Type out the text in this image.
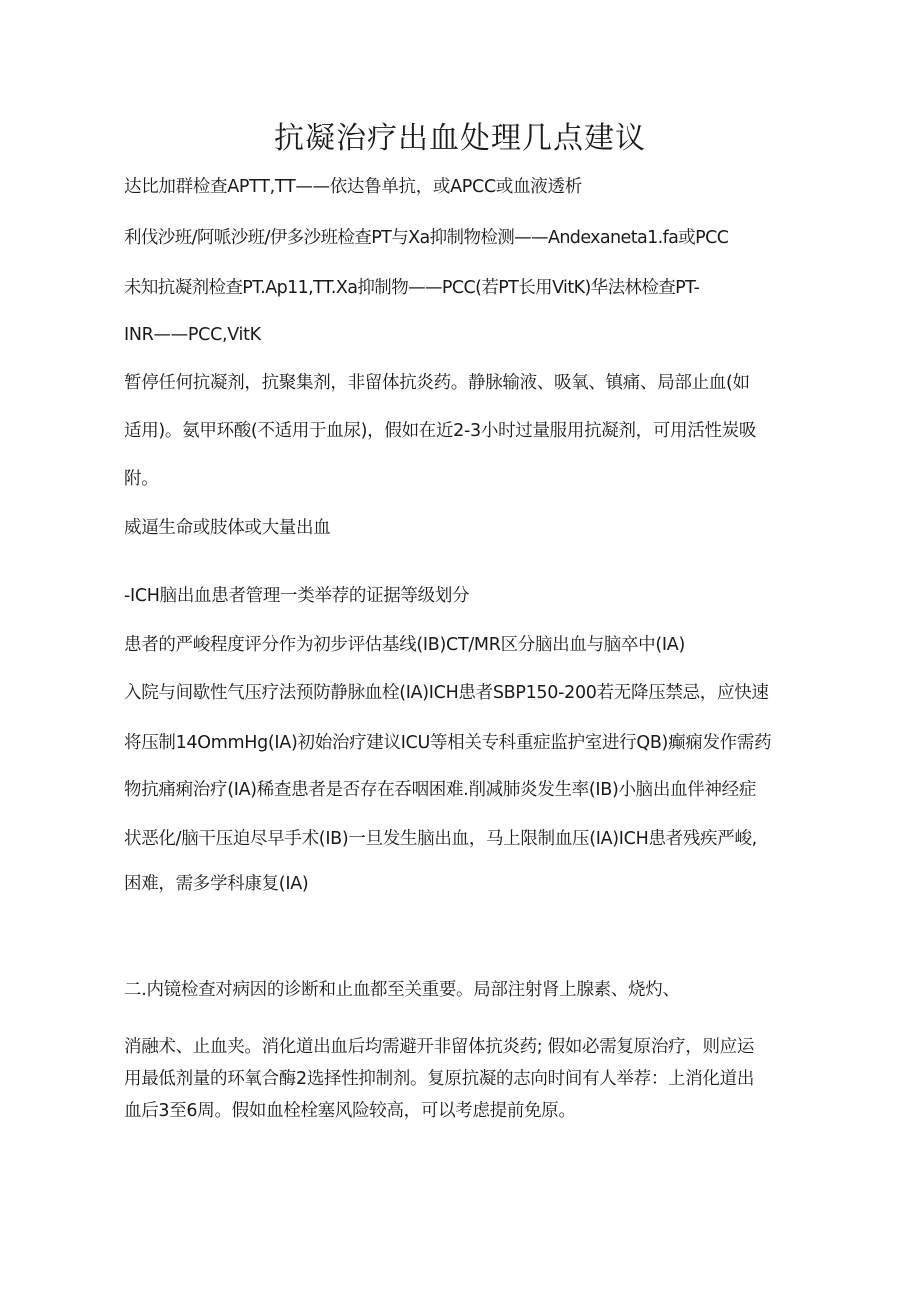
抗凝治疗出血处理几点建议
达比加群检查APTT,TT——依达鲁单抗，或APCC或血液透析
利伐沙班/阿哌沙班/伊多沙班检查PT与Xa抑制物检测——Andexaneta1.fa或PCC
未知抗凝剂检查PT.Ap11,TT.Xa抑制物——PCC(若PT长用VitK)华法林检查PT-
INR——PCC,VitK
暂停任何抗凝剂，抗聚集剂，非留体抗炎药。静脉输液、吸氧、镇痛、局部止血(如
适用)。氨甲环酸(不适用于血尿)，假如在近2-3小时过量服用抗凝剂，可用活性炭吸
附。
威逼生命或肢体或大量出血
-ICH脑出血患者管理一类举荐的证据等级划分
患者的严峻程度评分作为初步评估基线(IB)CT/MR区分脑出血与脑卒中(IA)
入院与间歇性气压疗法预防静脉血栓(IA)ICH患者SBP150-200若无降压禁忌，应快速
将压制14OmmHg(IA)初始治疗建议ICU等相关专科重症监护室进行QB)癫痫发作需药
物抗痛痢治疗(IA)稀查患者是否存在吞咽困难.削减肺炎发生率(IB)小脑出血伴神经症
状恶化/脑干压迫尽早手术(IB)一旦发生脑出血，马上限制血压(IA)ICH患者残疾严峻,
困难，需多学科康复(IA)
二.内镜检查对病因的诊断和止血都至关重要。局部注射肾上腺素、烧灼、
消融术、止血夹。消化道出血后均需避开非留体抗炎药; 假如必需复原治疗，则应运
用最低剂量的环氧合酶2选择性抑制剂。复原抗凝的志向时间有人举荐：上消化道出
血后3至6周。假如血栓栓塞风险较高，可以考虑提前免原。
